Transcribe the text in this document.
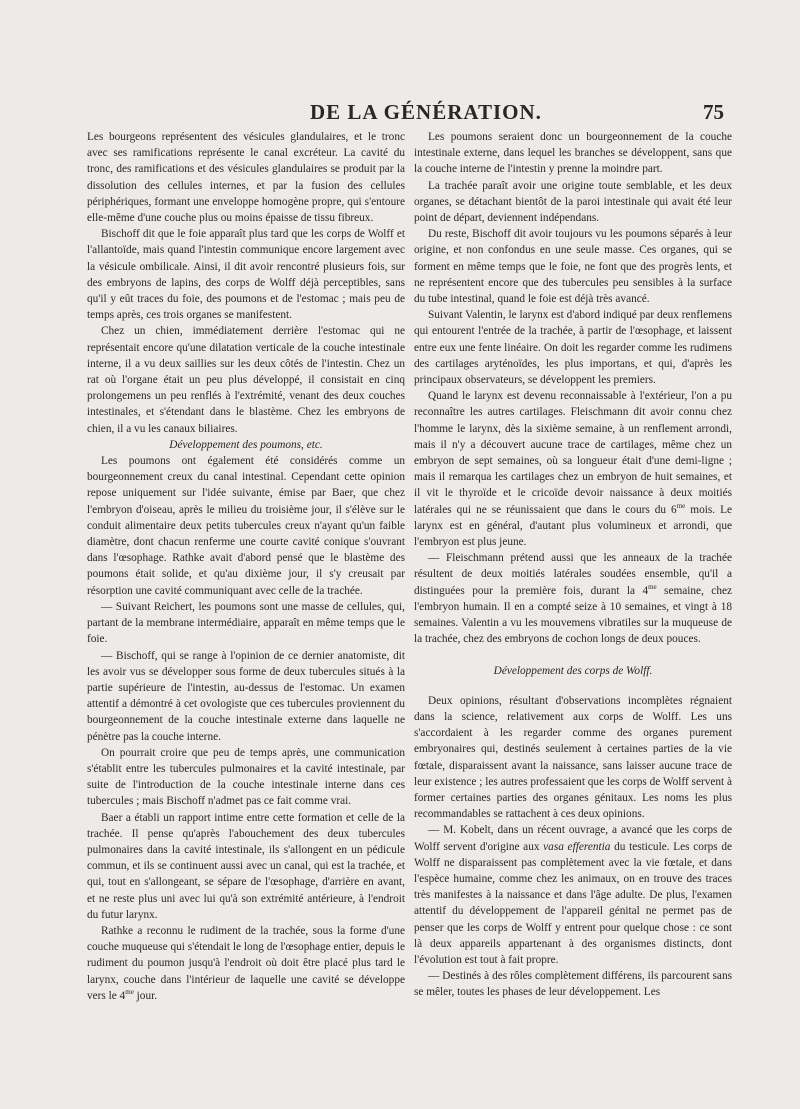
DE LA GÉNÉRATION.	75

Les bourgeons représentent des vésicules glandulaires, et le tronc avec ses ramifications représente le canal excréteur. La cavité du tronc, des ramifications et des vésicules glandulaires se produit par la dissolution des cellules internes, et par la fusion des cellules périphériques, formant une enveloppe homogène propre, qui s'entoure elle-même d'une couche plus ou moins épaisse de tissu fibreux.

Bischoff dit que le foie apparaît plus tard que les corps de Wolff et l'allantoïde, mais quand l'intestin communique encore largement avec la vésicule ombilicale. Ainsi, il dit avoir rencontré plusieurs fois, sur des embryons de lapins, des corps de Wolff déjà perceptibles, sans qu'il y eût traces du foie, des poumons et de l'estomac ; mais peu de temps après, ces trois organes se manifestent.

Chez un chien, immédiatement derrière l'estomac qui ne représentait encore qu'une dilatation verticale de la couche intestinale interne, il a vu deux saillies sur les deux côtés de l'intestin. Chez un rat où l'organe était un peu plus développé, il consistait en cinq prolongemens un peu renflés à l'extrémité, venant des deux couches intestinales, et s'étendant dans le blastème. Chez les embryons de chien, il a vu les canaux biliaires.

Développement des poumons, etc.

Les poumons ont également été considérés comme un bourgeonnement creux du canal intestinal. Cependant cette opinion repose uniquement sur l'idée suivante, émise par Baer, que chez l'embryon d'oiseau, après le milieu du troisième jour, il s'élève sur le conduit alimentaire deux petits tubercules creux n'ayant qu'un faible diamètre, dont chacun renferme une courte cavité conique s'ouvrant dans l'œsophage. Rathke avait d'abord pensé que le blastème des poumons était solide, et qu'au dixième jour, il s'y creusait par résorption une cavité communiquant avec celle de la trachée.

— Suivant Reichert, les poumons sont une masse de cellules, qui, partant de la membrane intermédiaire, apparaît en même temps que le foie.

— Bischoff, qui se range à l'opinion de ce dernier anatomiste, dit les avoir vus se développer sous forme de deux tubercules situés à la partie supérieure de l'intestin, au-dessus de l'estomac. Un examen attentif a démontré à cet ovologiste que ces tubercules proviennent du bourgeonnement de la couche intestinale externe dans laquelle ne pénètre pas la couche interne.

On pourrait croire que peu de temps après, une communication s'établit entre les tubercules pulmonaires et la cavité intestinale, par suite de l'introduction de la couche intestinale interne dans ces tubercules ; mais Bischoff n'admet pas ce fait comme vrai.

Baer a établi un rapport intime entre cette formation et celle de la trachée. Il pense qu'après l'abouchement des deux tubercules pulmonaires dans la cavité intestinale, ils s'allongent en un pédicule commun, et ils se continuent aussi avec un canal, qui est la trachée, et qui, tout en s'allongeant, se sépare de l'œsophage, d'arrière en avant, et ne reste plus uni avec lui qu'à son extrémité antérieure, à l'endroit du futur larynx.

Rathke a reconnu le rudiment de la trachée, sous la forme d'une couche muqueuse qui s'étendait le long de l'œsophage entier, depuis le rudiment du poumon jusqu'à l'endroit où doit être placé plus tard le larynx, couche dans l'intérieur de laquelle une cavité se développe vers le $4^{me}$ jour.

Les poumons seraient donc un bourgeonnement de la couche intestinale externe, dans lequel les branches se développent, sans que la couche interne de l'intestin y prenne la moindre part.

La trachée paraît avoir une origine toute semblable, et les deux organes, se détachant bientôt de la paroi intestinale qui avait été leur point de départ, deviennent indépendans.

Du reste, Bischoff dit avoir toujours vu les poumons séparés à leur origine, et non confondus en une seule masse. Ces organes, qui se forment en même temps que le foie, ne font que des progrès lents, et ne représentent encore que des tubercules peu sensibles à la surface du tube intestinal, quand le foie est déjà très avancé.

Suivant Valentin, le larynx est d'abord indiqué par deux renflemens qui entourent l'entrée de la trachée, à partir de l'œsophage, et laissent entre eux une fente linéaire. On doit les regarder comme les rudimens des cartilages aryténoïdes, les plus importans, et qui, d'après les principaux observateurs, se développent les premiers.

Quand le larynx est devenu reconnaissable à l'extérieur, l'on a pu reconnaître les autres cartilages. Fleischmann dit avoir connu chez l'homme le larynx, dès la sixième semaine, à un renflement arrondi, mais il n'y a découvert aucune trace de cartilages, même chez un embryon de sept semaines, où sa longueur était d'une demi-ligne ; mais il remarqua les cartilages chez un embryon de huit semaines, et il vit le thyroïde et le cricoïde devoir naissance à deux moitiés latérales qui ne se réunissaient que dans le cours du $6^{me}$ mois. Le larynx est en général, d'autant plus volumineux et arrondi, que l'embryon est plus jeune.

— Fleischmann prétend aussi que les anneaux de la trachée résultent de deux moitiés latérales soudées ensemble, qu'il a distinguées pour la première fois, durant la $4^{me}$ semaine, chez l'embryon humain. Il en a compté seize à 10 semaines, et vingt à 18 semaines. Valentin a vu les mouvemens vibratiles sur la muqueuse de la trachée, chez des embryons de cochon longs de deux pouces.

Développement des corps de Wolff.

Deux opinions, résultant d'observations incomplètes régnaient dans la science, relativement aux corps de Wolff. Les uns s'accordaient à les regarder comme des organes purement embryonaires qui, destinés seulement à certaines parties de la vie fœtale, disparaissent avant la naissance, sans laisser aucune trace de leur existence ; les autres professaient que les corps de Wolff servent à former certaines parties des organes génitaux. Les noms les plus recommandables se rattachent à ces deux opinions.

— M. Kobelt, dans un récent ouvrage, a avancé que les corps de Wolff servent d'origine aux vasa efferentia du testicule. Les corps de Wolff ne disparaissent pas complètement avec la vie fœtale, et dans l'espèce humaine, comme chez les animaux, on en trouve des traces très manifestes à la naissance et dans l'âge adulte. De plus, l'examen attentif du développement de l'appareil génital ne permet pas de penser que les corps de Wolff y entrent pour quelque chose : ce sont là deux appareils appartenant à des organismes distincts, dont l'évolution est tout à fait propre.

— Destinés à des rôles complètement différens, ils parcourent sans se mêler, toutes les phases de leur développement. Les
